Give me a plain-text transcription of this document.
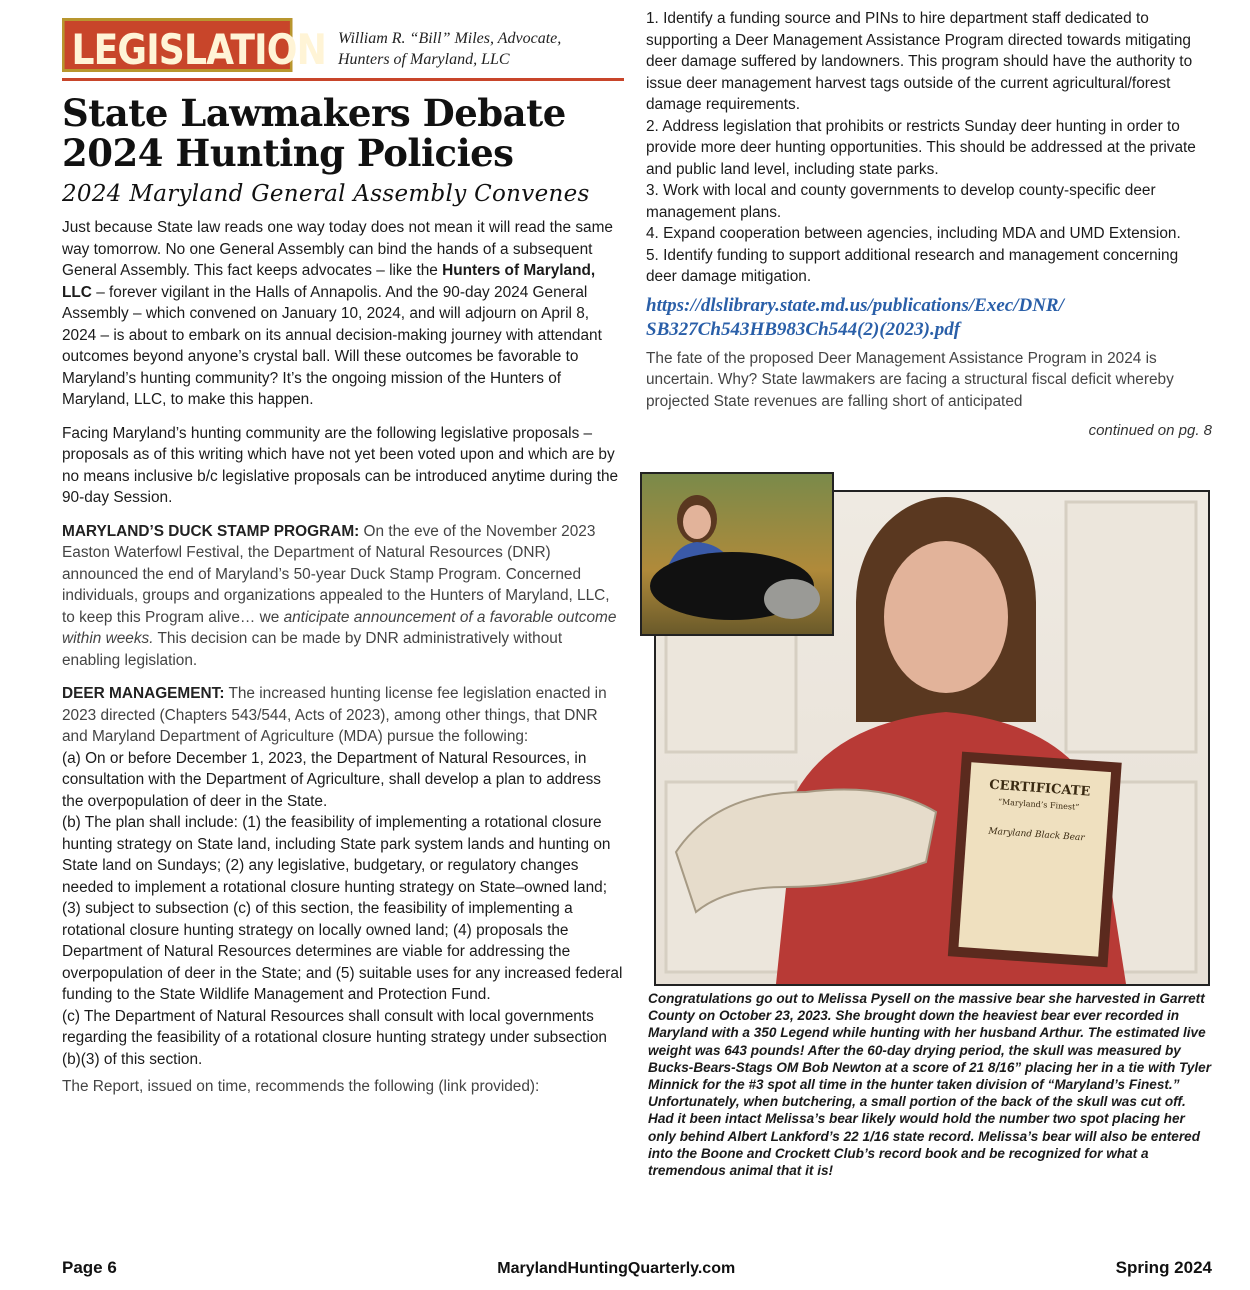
LEGISLATION William R. “Bill” Miles, Advocate,
Hunters of Maryland, LLC
State Lawmakers Debate
2024 Hunting Policies
2024 Maryland General Assembly Convenes

Just because State law reads one way today does not mean it will read the same way tomorrow. No one General Assembly can bind the hands of a subsequent General Assembly. This fact keeps advocates – like the Hunters of Maryland, LLC – forever vigilant in the Halls of Annapolis. And the 90-day 2024 General Assembly – which convened on January 10, 2024, and will adjourn on April 8, 2024 – is about to embark on its annual decision-making journey with attendant outcomes beyond anyone’s crystal ball. Will these outcomes be favorable to Maryland’s hunting community? It’s the ongoing mission of the Hunters of Maryland, LLC, to make this happen.

Facing Maryland’s hunting community are the following legislative proposals – proposals as of this writing which have not yet been voted upon and which are by no means inclusive b/c legislative proposals can be introduced anytime during the 90-day Session.

MARYLAND’S DUCK STAMP PROGRAM: On the eve of the November 2023 Easton Waterfowl Festival, the Department of Natural Resources (DNR) announced the end of Maryland’s 50-year Duck Stamp Program. Concerned individuals, groups and organizations appealed to the Hunters of Maryland, LLC, to keep this Program alive… we anticipate announcement of a favorable outcome within weeks. This decision can be made by DNR administratively without enabling legislation.

DEER MANAGEMENT: The increased hunting license fee legislation enacted in 2023 directed (Chapters 543/544, Acts of 2023), among other things, that DNR and Maryland Department of Agriculture (MDA) pursue the following:

(a) On or before December 1, 2023, the Department of Natural Resources, in consultation with the Department of Agriculture, shall develop a plan to address the overpopulation of deer in the State.

(b) The plan shall include: (1) the feasibility of implementing a rotational closure hunting strategy on State land, including State park system lands and hunting on State land on Sundays; (2) any legislative, budgetary, or regulatory changes needed to implement a rotational closure hunting strategy on State–owned land; (3) subject to subsection (c) of this section, the feasibility of implementing a rotational closure hunting strategy on locally owned land; (4) proposals the Department of Natural Resources determines are viable for addressing the overpopulation of deer in the State; and (5) suitable uses for any increased federal funding to the State Wildlife Management and Protection Fund.

(c) The Department of Natural Resources shall consult with local governments regarding the feasibility of a rotational closure hunting strategy under subsection (b)(3) of this section.

The Report, issued on time, recommends the following (link provided):

1. Identify a funding source and PINs to hire department staff dedicated to supporting a Deer Management Assistance Program directed towards mitigating deer damage suffered by landowners. This program should have the authority to issue deer management harvest tags outside of the current agricultural/forest damage requirements.

2. Address legislation that prohibits or restricts Sunday deer hunting in order to provide more deer hunting opportunities. This should be addressed at the private and public land level, including state parks.

3. Work with local and county governments to develop county-specific deer management plans.

4. Expand cooperation between agencies, including MDA and UMD Extension.

5. Identify funding to support additional research and management concerning deer damage mitigation.

https://dlslibrary.state.md.us/publications/Exec/DNR/
SB327Ch543HB983Ch544(2)(2023).pdf

The fate of the proposed Deer Management Assistance Program in 2024 is uncertain. Why? State lawmakers are facing a structural fiscal deficit whereby projected State revenues are falling short of anticipated

continued on pg. 8
CERTIFICATE
“Maryland’s Finest”
Maryland Black Bear
Congratulations go out to Melissa Pysell on the massive bear she harvested in Garrett County on October 23, 2023. She brought down the heaviest bear ever recorded in Maryland with a 350 Legend while hunting with her husband Arthur. The estimated live weight was 643 pounds! After the 60-day drying period, the skull was measured by Bucks-Bears-Stags OM Bob Newton at a score of 21 8/16” placing her in a tie with Tyler Minnick for the #3 spot all time in the hunter taken division of “Maryland’s Finest.” Unfortunately, when butchering, a small portion of the back of the skull was cut off. Had it been intact Melissa’s bear likely would hold the number two spot placing her only behind Albert Lankford’s 22 1/16 state record. Melissa’s bear will also be entered into the Boone and Crockett Club’s record book and be recognized for what a tremendous animal that it is!
Page 6	MarylandHuntingQuarterly.com	Spring 2024
